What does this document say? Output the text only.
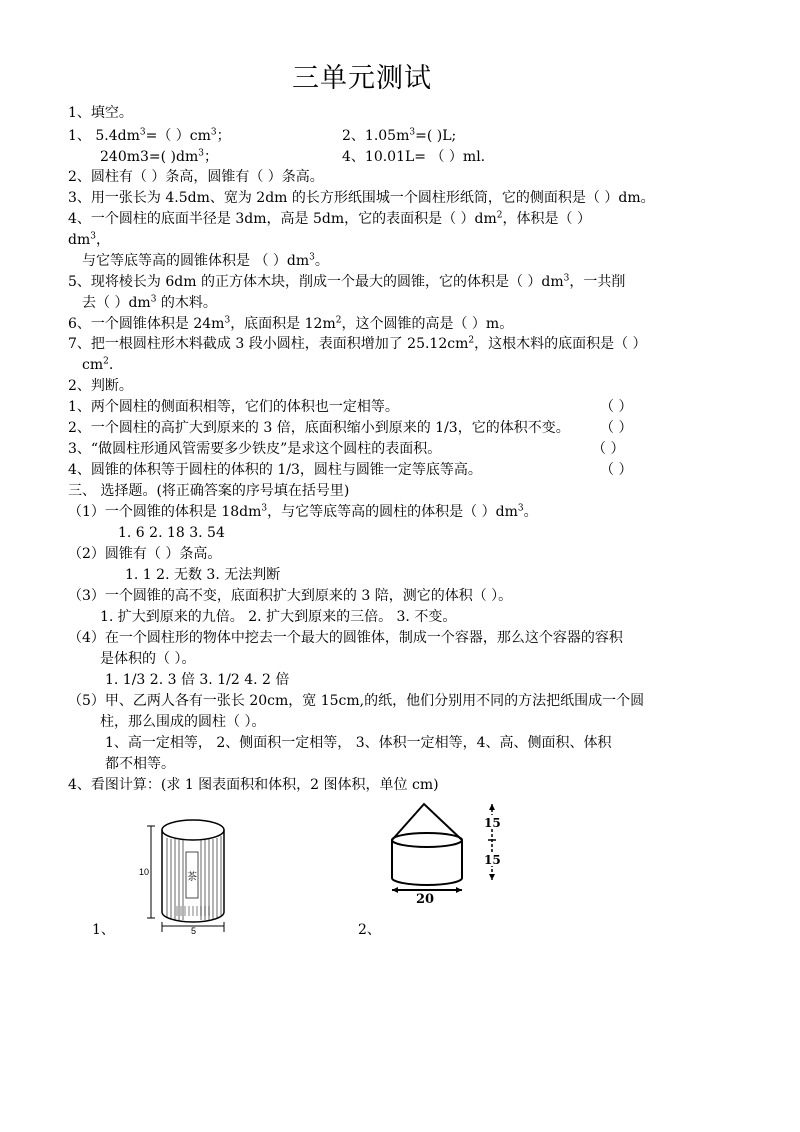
三单元测试
1、填空。
1、 $5.4dm^3=$（ ）$cm^3$；	2、$1.05m^3=$( )L;
240m3=( )$dm^3$；	4、10.01L= （ ）ml.
2、圆柱有（ ）条高，圆锥有（ ）条高。
3、用一张长为 4.5dm、宽为 2dm 的长方形纸围城一个圆柱形纸筒，它的侧面积是（ ）dm。
4、一个圆柱的底面半径是 3dm，高是 5dm，它的表面积是（ ）$dm^2$，体积是（ ）
$dm^3$，
与它等底等高的圆锥体积是 （ ）$dm^3$。
5、现将棱长为 6dm 的正方体木块，削成一个最大的圆锥，它的体积是（ ）$dm^3$，一共削
去（ ）$dm^3$ 的木料。
6、一个圆锥体积是 $24m^3$，底面积是 $12m^2$，这个圆锥的高是（ ）m。
7、把一根圆柱形木料截成 3 段小圆柱，表面积增加了 $25.12cm^2$，这根木料的底面积是（ ）
$cm^2$.
2、判断。
1、两个圆柱的侧面积相等，它们的体积也一定相等。	（ ）
2、一个圆柱的高扩大到原来的 3 倍，底面积缩小到原来的 1/3，它的体积不变。 （ ）
3、“做圆柱形通风管需要多少铁皮”是求这个圆柱的表面积。	（ ）
4、圆锥的体积等于圆柱的体积的 1/3，圆柱与圆锥一定等底等高。	（ ）
三、 选择题。(将正确答案的序号填在括号里)
（1）一个圆锥的体积是 $18dm^3$，与它等底等高的圆柱的体积是（ ）$dm^3$。
1. 6 2. 18 3. 54
（2）圆锥有（ ）条高。
1. 1 2. 无数 3. 无法判断
（3）一个圆锥的高不变，底面积扩大到原来的 3 陪，测它的体积（ ）。
1. 扩大到原来的九倍。 2. 扩大到原来的三倍。 3. 不变。
（4）在一个圆柱形的物体中挖去一个最大的圆锥体，制成一个容器，那么这个容器的容积
是体积的（ ）。
1. 1/3 2. 3 倍 3. 1/2 4. 2 倍
（5）甲、乙两人各有一张长 20cm，宽 15cm,的纸，他们分别用不同的方法把纸围成一个圆
柱，那么围成的圆柱（ ）。
1、高一定相等， 2、侧面积一定相等， 3、体积一定相等，4、高、侧面积、体积
都不相等。
4、看图计算：(求 1 图表面积和体积，2 图体积，单位 cm)
10	茶
5
1、
20
15
15
2、
